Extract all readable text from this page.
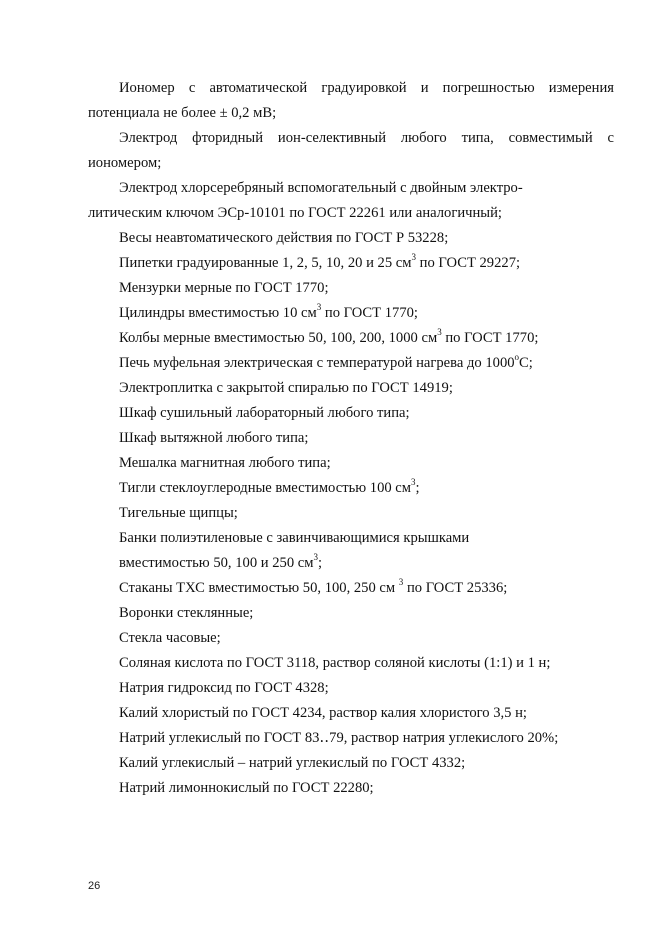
Иономер с автоматической градуировкой и погрешностью измерения

потенциала не более ± 0,2 мВ;

Электрод фторидный ион-селективный любого типа, совместимый с

иономером;

Электрод хлорсеребряный вспомогательный с двойным электро-

литическим ключом ЭСр-10101 по ГОСТ 22261 или аналогичный;

Весы неавтоматического действия по ГОСТ Р 53228;

Пипетки градуированные 1, 2, 5, 10, 20 и 25 $см^3$ по ГОСТ 29227;

Мензурки мерные по ГОСТ 1770;

Цилиндры вместимостью 10 $см^3$ по ГОСТ 1770;

Колбы мерные вместимостью 50, 100, 200, 1000 $см^3$ по ГОСТ 1770;

Печь муфельная электрическая с температурой нагрева до $1000^оС$;

Электроплитка с закрытой спиралью по ГОСТ 14919;

Шкаф сушильный лабораторный любого типа;

Шкаф вытяжной любого типа;

Мешалка магнитная любого типа;

Тигли стеклоуглеродные вместимостью 100 $см^3$;

Тигельные щипцы;

Банки полиэтиленовые с завинчивающимися крышками

вместимостью 50, 100 и 250 $см^3$;

Стаканы ТХС вместимостью 50, 100, 250 см $^3$ по ГОСТ 25336;

Воронки стеклянные;

Стекла часовые;

Соляная кислота по ГОСТ 3118, раствор соляной кислоты (1:1) и 1 н;

Натрия гидроксид по ГОСТ 4328;

Калий хлористый по ГОСТ 4234, раствор калия хлористого 3,5 н;

Натрий углекислый по ГОСТ 83‥79, раствор натрия углекислого 20%;

Калий углекислый – натрий углекислый по ГОСТ 4332;

Натрий лимоннокислый по ГОСТ 22280;

26
